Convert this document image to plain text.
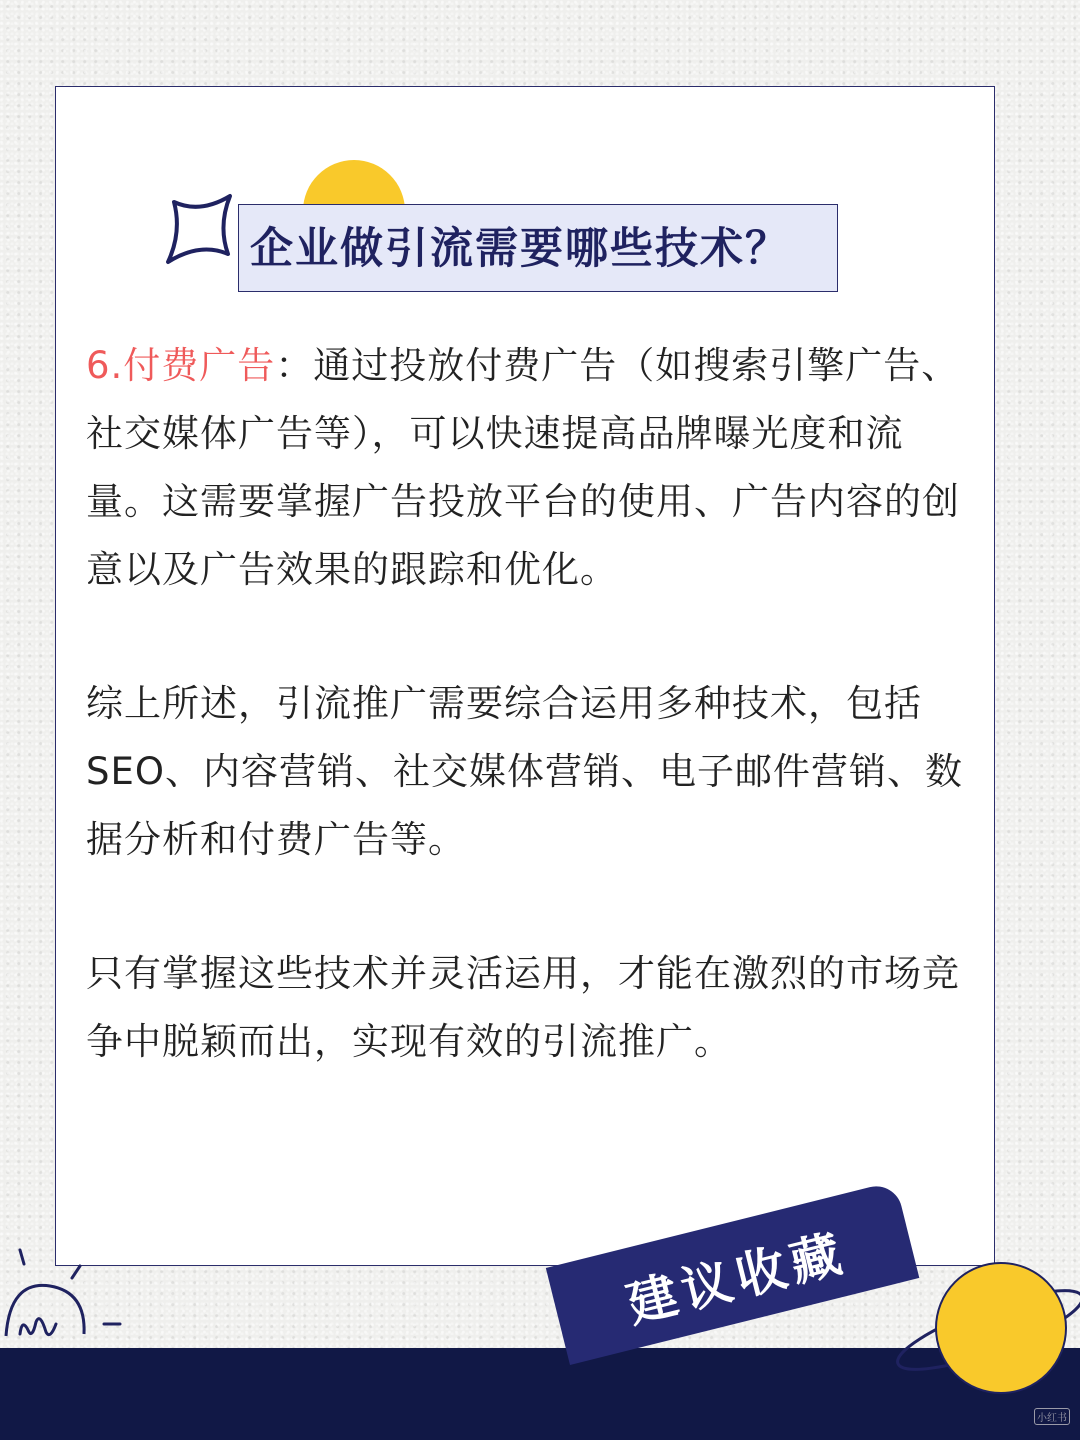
企业做引流需要哪些技术？
6.付费广告：通过投放付费广告（如搜索引擎广告、社交媒体广告等），可以快速提高品牌曝光度和流量。这需要掌握广告投放平台的使用、广告内容的创意以及广告效果的跟踪和优化。
综上所述，引流推广需要综合运用多种技术，包括SEO、内容营销、社交媒体营销、电子邮件营销、数据分析和付费广告等。
只有掌握这些技术并灵活运用，才能在激烈的市场竞争中脱颖而出，实现有效的引流推广。
建议收藏
小红书
